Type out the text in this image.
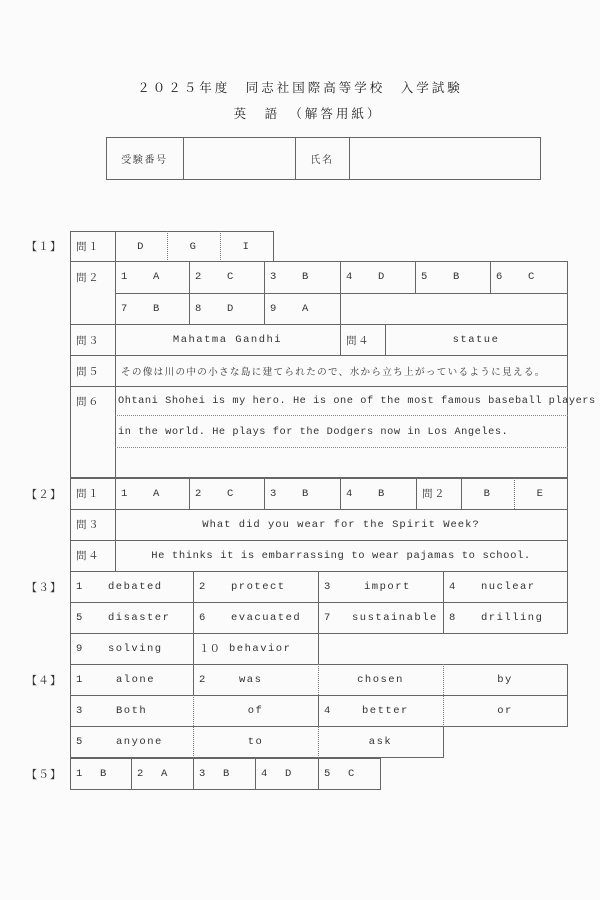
２０２５年度　同志社国際高等学校　入学試験
英　語　（解答用紙）
受験番号	氏名
【１】	問１	D	G	I
問２	1	A	2	C	3	B	4	D	5	B	6	C
7	B	8	D	9	A
問３	Mahatma Gandhi	問４	statue
問５	その像は川の中の小さな島に建てられたので、水から立ち上がっているように見える。
問６	Ohtani Shohei is my hero. He is one of the most famous baseball players
in the world. He plays for the Dodgers now in Los Angeles.
【２】	問１	1	A	2	C	3	B	4	B	問２	B	E
問３	What did you wear for the Spirit Week?
問４	He thinks it is embarrassing to wear pajamas to school.
【３】 1	debated	2	protect	3	import	4	nuclear
5	disaster	6	evacuated 7	sustainable 8	drilling
9	solving	１０ behavior
【４】 1	alone	2	was	chosen	by
3	Both	of	4	better	or
5	anyone	to	ask
【５】 1	B	2	A	3	B	4	D	5	C
